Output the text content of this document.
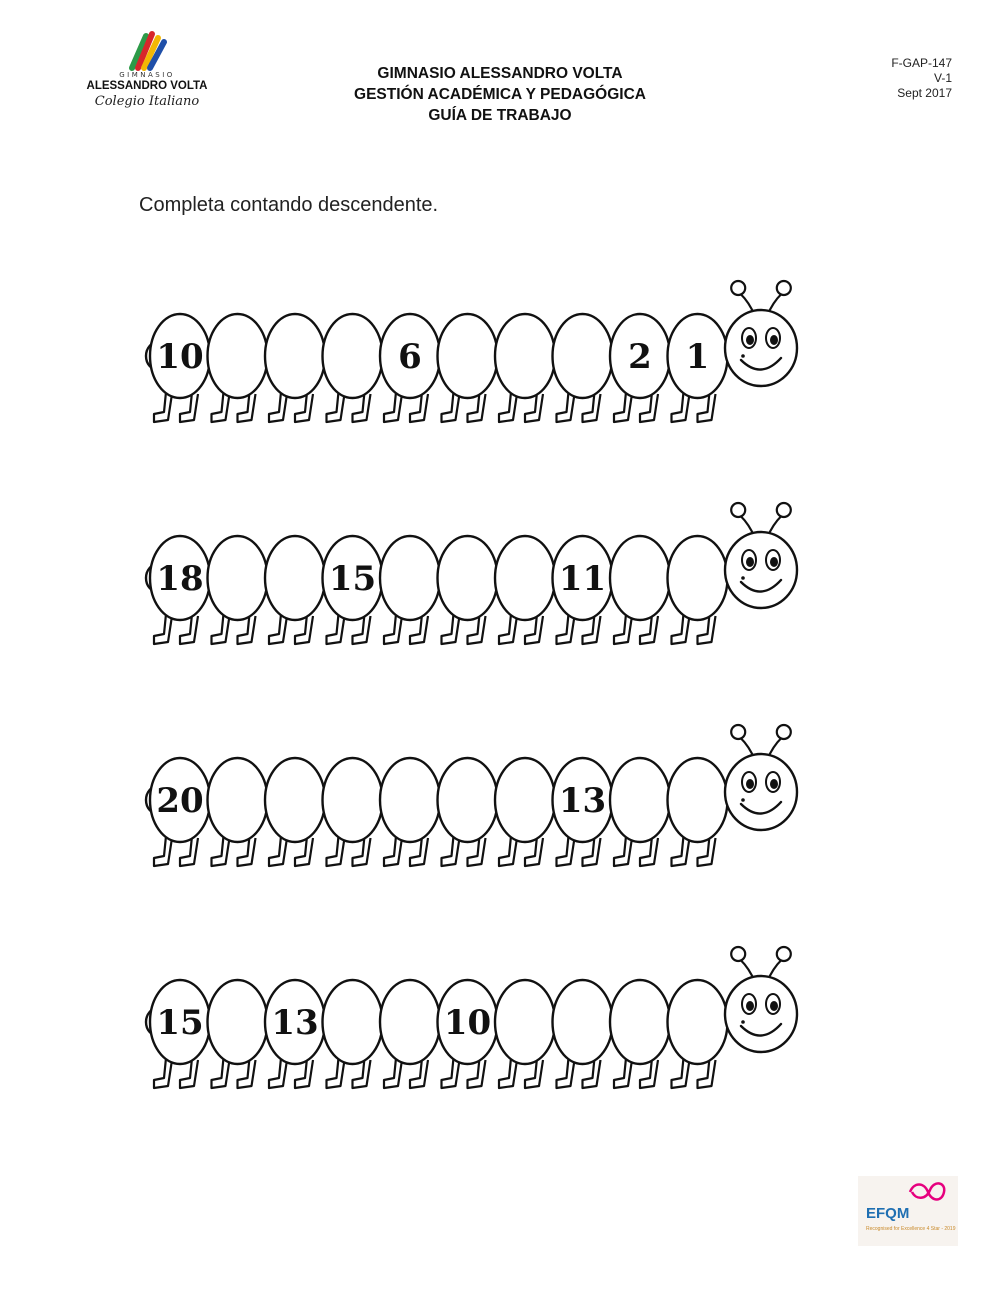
GIMNASIO
ALESSANDRO VOLTA
Colegio Italiano
GIMNASIO ALESSANDRO VOLTA
GESTIÓN ACADÉMICA Y PEDAGÓGICA
GUÍA DE TRABAJO
F-GAP-147
V-1
Sept 2017
Completa contando descendente.
10	6	2 1
18	15	11
20	13
15 13	10
EFQM
Recognised for Excellence 4 Star - 2019
